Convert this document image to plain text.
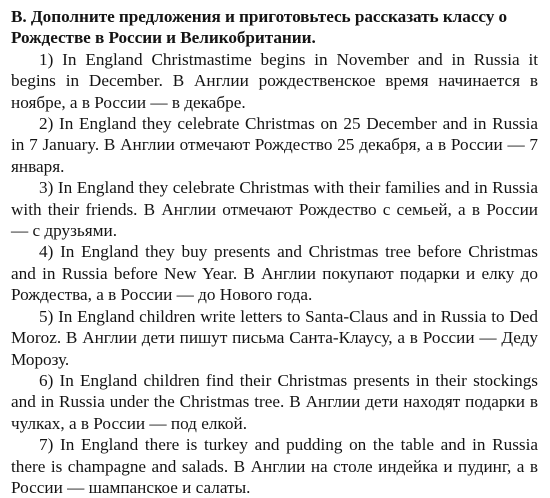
В. Дополните предложения и приготовьтесь рассказать классу о Рождестве в России и Великобритании.

1) In England Christmastime begins in November and in Russia it begins in December. В Англии рождественское время начинается в ноябре, а в России — в декабре.

2) In England they celebrate Christmas on 25 December and in Russia in 7 January. В Англии отмечают Рождество 25 декабря, а в России — 7 января.

3) In England they celebrate Christmas with their families and in Russia with their friends. В Англии отмечают Рождество с семьей, а в России — с друзьями.

4) In England they buy presents and Christmas tree before Christmas and in Russia before New Year. В Англии покупают подарки и елку до Рождества, а в России — до Нового года.

5) In England children write letters to Santa-Claus and in Russia to Ded Moroz. В Англии дети пишут письма Санта-Клаусу, а в России — Деду Морозу.

6) In England children find their Christmas presents in their stockings and in Russia under the Christmas tree. В Англии дети находят подарки в чулках, а в России — под елкой.

7) In England there is turkey and pudding on the table and in Russia there is champagne and salads. В Англии на столе индейка и пудинг, а в России — шампанское и салаты.
